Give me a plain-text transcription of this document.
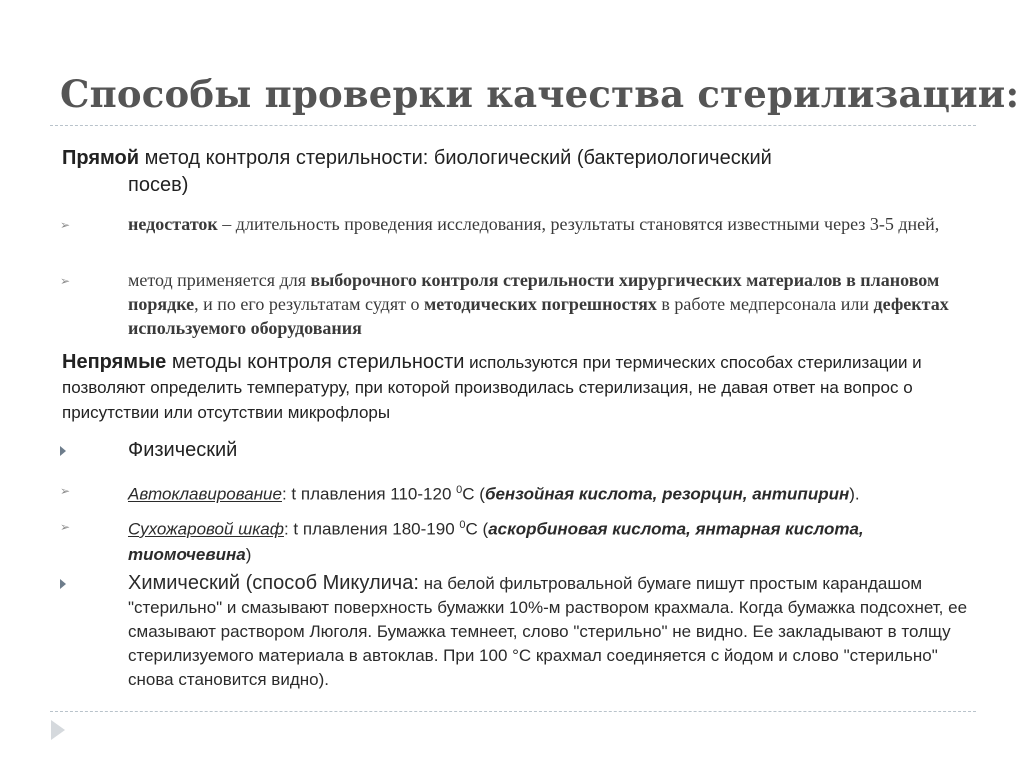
Способы проверки качества стерилизации:
Прямой метод контроля стерильности: биологический (бактериологический
посев)
➢	недостаток – длительность проведения исследования, результаты становятся известными через 3-5 дней,
➢	метод применяется для выборочного контроля стерильности хирургических материалов в плановом порядке, и по его результатам судят о методических погрешностях в работе медперсонала или дефектах используемого оборудования
Непрямые методы контроля стерильности используются при термических способах стерилизации и позволяют определить температуру, при которой производилась стерилизация, не давая ответ на вопрос о присутствии или отсутствии микрофлоры
Физический
➢	Автоклавирование: t плавления 110-120 $^0$С (бензойная кислота, резорцин, антипирин).
➢	Сухожаровой шкаф: t плавления 180-190 $^0$С (аскорбиновая кислота, янтарная кислота, тиомочевина)
Химический (способ Микулича: на белой фильтровальной бумаге пишут простым карандашом "стерильно" и смазывают поверхность бумажки 10%-м раствором крахмала. Когда бумажка подсохнет, ее смазывают раствором Люголя. Бумажка темнеет, слово "стерильно" не видно. Ее закладывают в толщу стерилизуемого материала в автоклав. При 100 °С крахмал соединяется с йодом и слово "стерильно" снова становится видно).
